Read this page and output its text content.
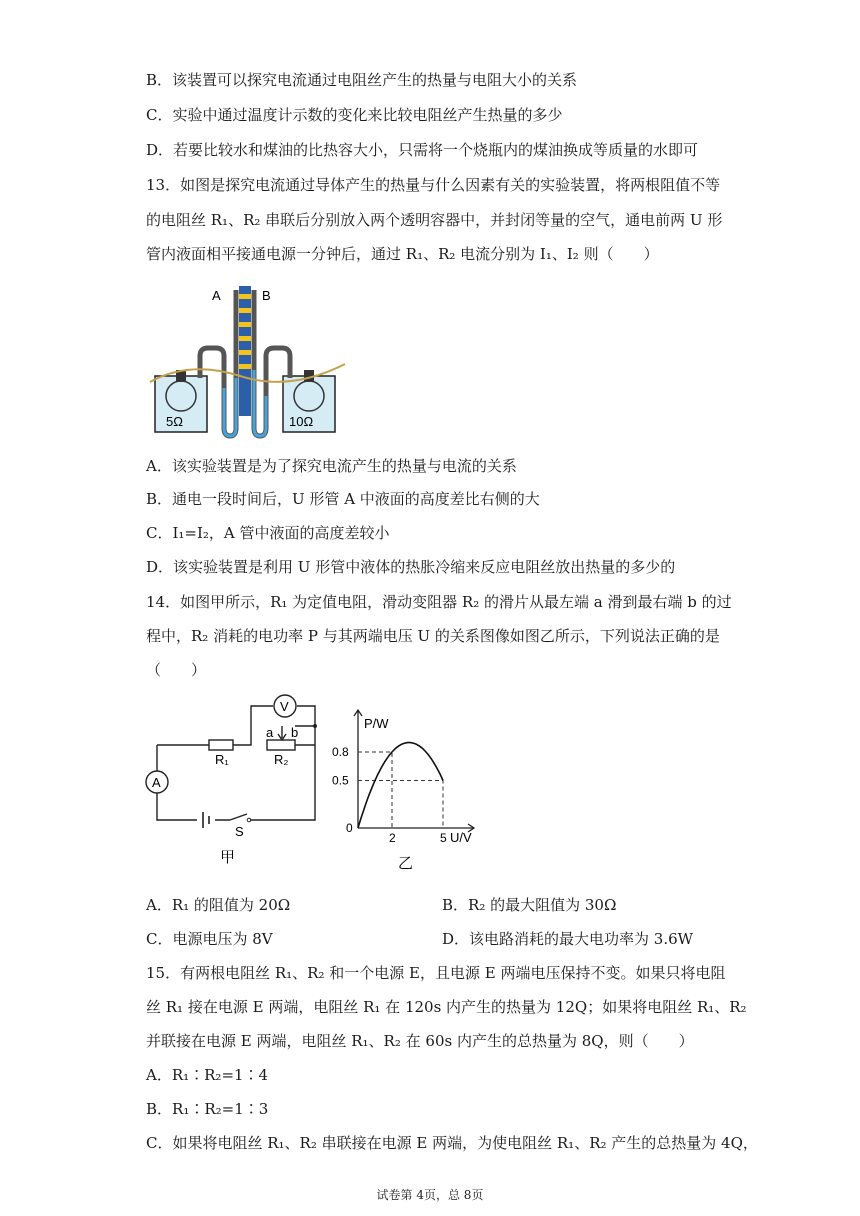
B．该装置可以探究电流通过电阻丝产生的热量与电阻大小的关系
C．实验中通过温度计示数的变化来比较电阻丝产生热量的多少
D．若要比较水和煤油的比热容大小，只需将一个烧瓶内的煤油换成等质量的水即可
13．如图是探究电流通过导体产生的热量与什么因素有关的实验装置，将两根阻值不等
的电阻丝 R₁、R₂ 串联后分别放入两个透明容器中，并封闭等量的空气，通电前两 U 形
管内液面相平接通电源一分钟后，通过 R₁、R₂ 电流分别为 I₁、I₂ 则（　　）
A	B
5Ω	10Ω
A．该实验装置是为了探究电流产生的热量与电流的关系
B．通电一段时间后，U 形管 A 中液面的高度差比右侧的大
C．I₁=I₂，A 管中液面的高度差较小
D．该实验装置是利用 U 形管中液体的热胀冷缩来反应电阻丝放出热量的多少的
14．如图甲所示，R₁ 为定值电阻，滑动变阻器 R₂ 的滑片从最左端 a 滑到最右端 b 的过
程中，R₂ 消耗的电功率 P 与其两端电压 U 的关系图像如图乙所示，下列说法正确的是
（　　）
V
A
R₁
a b
R₂
S
甲
P/W
U/V
0
0.5
0.8
2	5
乙
A．R₁ 的阻值为 20Ω	B．R₂ 的最大阻值为 30Ω
C．电源电压为 8V	D．该电路消耗的最大电功率为 3.6W
15．有两根电阻丝 R₁、R₂ 和一个电源 E，且电源 E 两端电压保持不变。如果只将电阻
丝 R₁ 接在电源 E 两端，电阻丝 R₁ 在 120s 内产生的热量为 12Q；如果将电阻丝 R₁、R₂
并联接在电源 E 两端，电阻丝 R₁、R₂ 在 60s 内产生的总热量为 8Q，则（　　）
A．R₁∶R₂=1∶4
B．R₁∶R₂=1∶3
C．如果将电阻丝 R₁、R₂ 串联接在电源 E 两端，为使电阻丝 R₁、R₂ 产生的总热量为 4Q，
试卷第 4页，总 8页
